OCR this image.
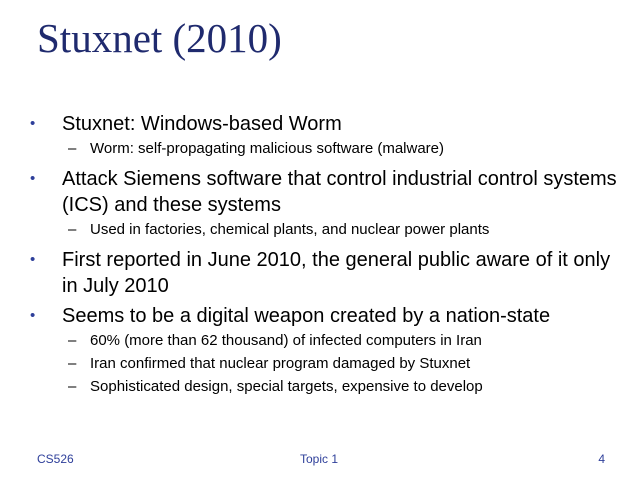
Stuxnet (2010)

• Stuxnet: Windows-based Worm

– Worm: self-propagating malicious software (malware)

• Attack Siemens software that control industrial control systems (ICS) and these systems

– Used in factories, chemical plants, and nuclear power plants

• First reported in June 2010, the general public aware of it only in July 2010

• Seems to be a digital weapon created by a nation-state

– 60% (more than 62 thousand) of infected computers in Iran

– Iran confirmed that nuclear program damaged by Stuxnet

– Sophisticated design, special targets, expensive to develop

CS526	Topic 1	4
